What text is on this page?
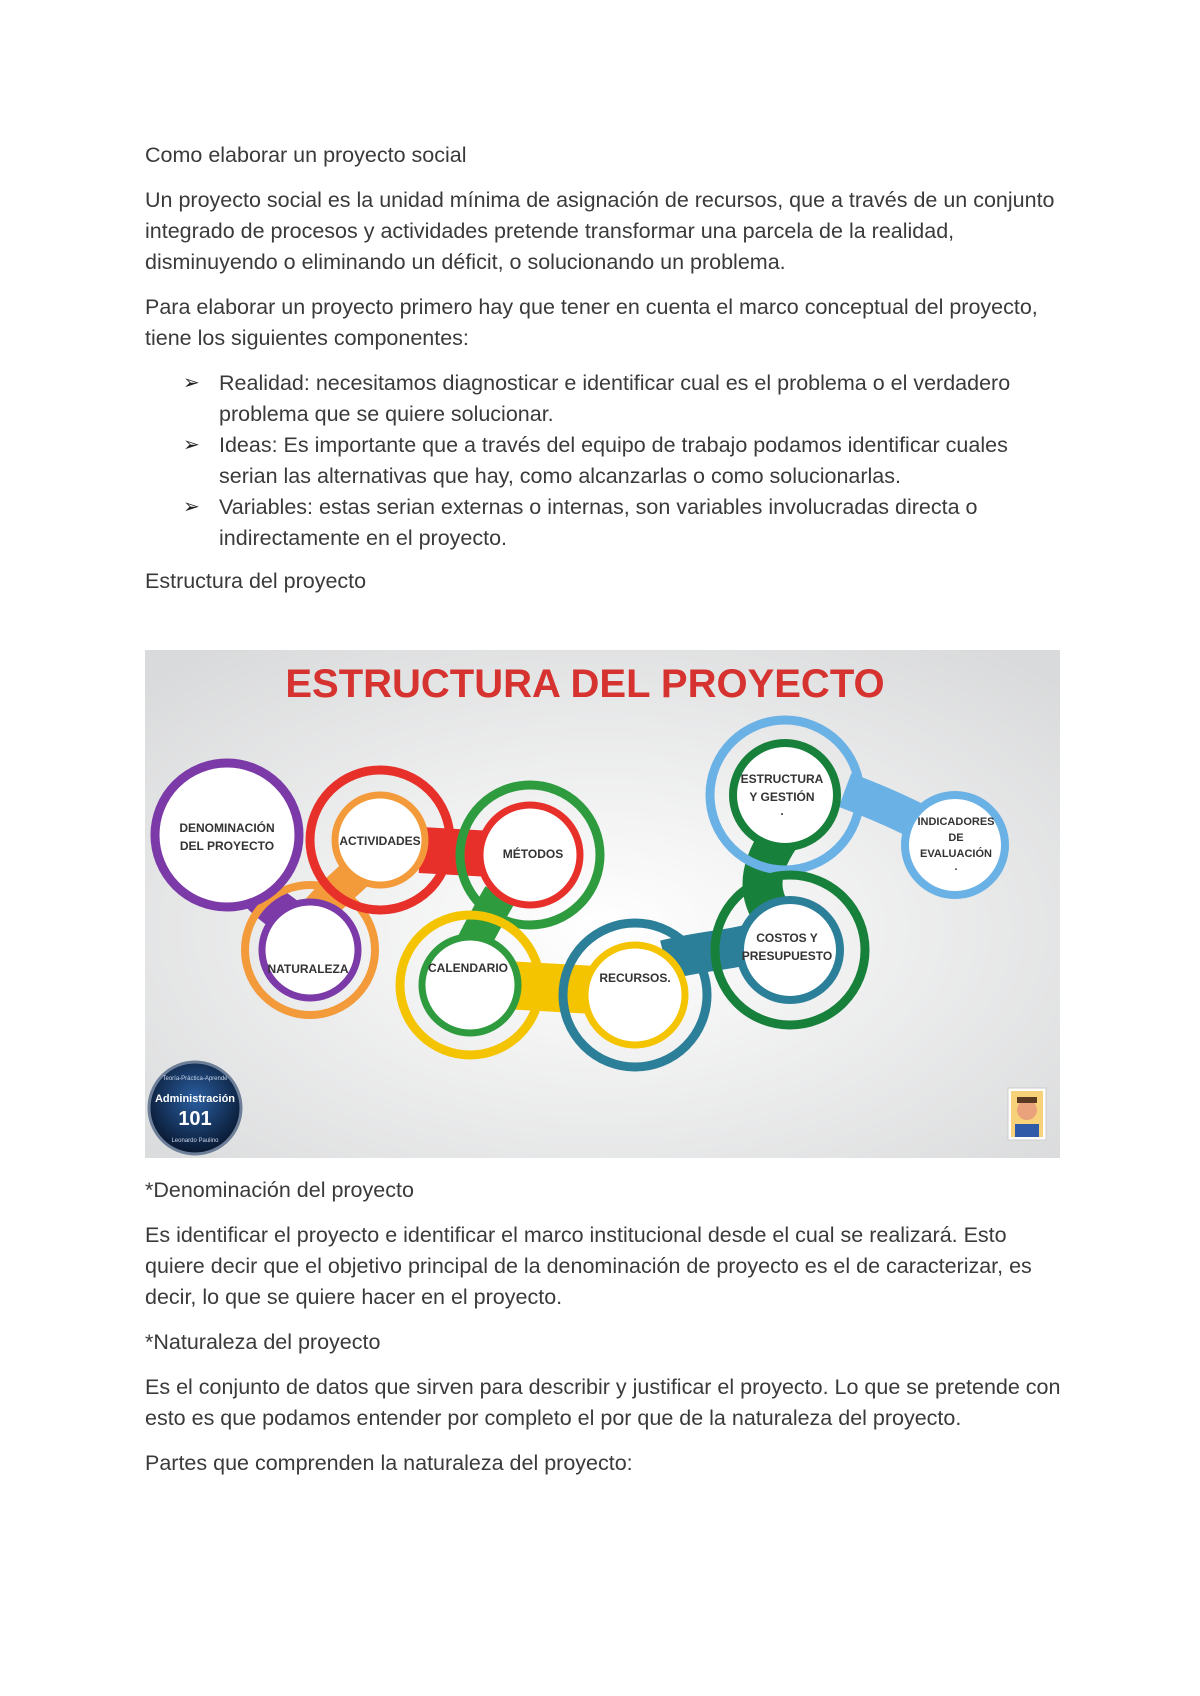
Como elaborar un proyecto social

Un proyecto social es la unidad mínima de asignación de recursos, que a través de un conjunto integrado de procesos y actividades pretende transformar una parcela de la realidad, disminuyendo o eliminando un déficit, o solucionando un problema.

Para elaborar un proyecto primero hay que tener en cuenta el marco conceptual del proyecto, tiene los siguientes componentes:

➢ Realidad: necesitamos diagnosticar e identificar cual es el problema o el verdadero problema que se quiere solucionar.
➢ Ideas: Es importante que a través del equipo de trabajo podamos identificar cuales serian las alternativas que hay, como alcanzarlas o como solucionarlas.
➢ Variables: estas serian externas o internas, son variables involucradas directa o indirectamente en el proyecto.

Estructura del proyecto

ESTRUCTURA DEL PROYECTO
DENOMINACIÓN
DEL PROYECTO	ACTIVIDADES
MÉTODOS
NATURALEZA	CALENDARIO
RECURSOS.
ESTRUCTURA
Y GESTIÓN
.
INDICADORES
DE
EVALUACIÓN
.
COSTOS Y
PRESUPUESTO
Teoría-Práctica-Aprende
Administración
101
Leonardo Paulino

*Denominación del proyecto

Es identificar el proyecto e identificar el marco institucional desde el cual se realizará. Esto quiere decir que el objetivo principal de la denominación de proyecto es el de caracterizar, es decir, lo que se quiere hacer en el proyecto.

*Naturaleza del proyecto

Es el conjunto de datos que sirven para describir y justificar el proyecto. Lo que se pretende con esto es que podamos entender por completo el por que de la naturaleza del proyecto.

Partes que comprenden la naturaleza del proyecto:
